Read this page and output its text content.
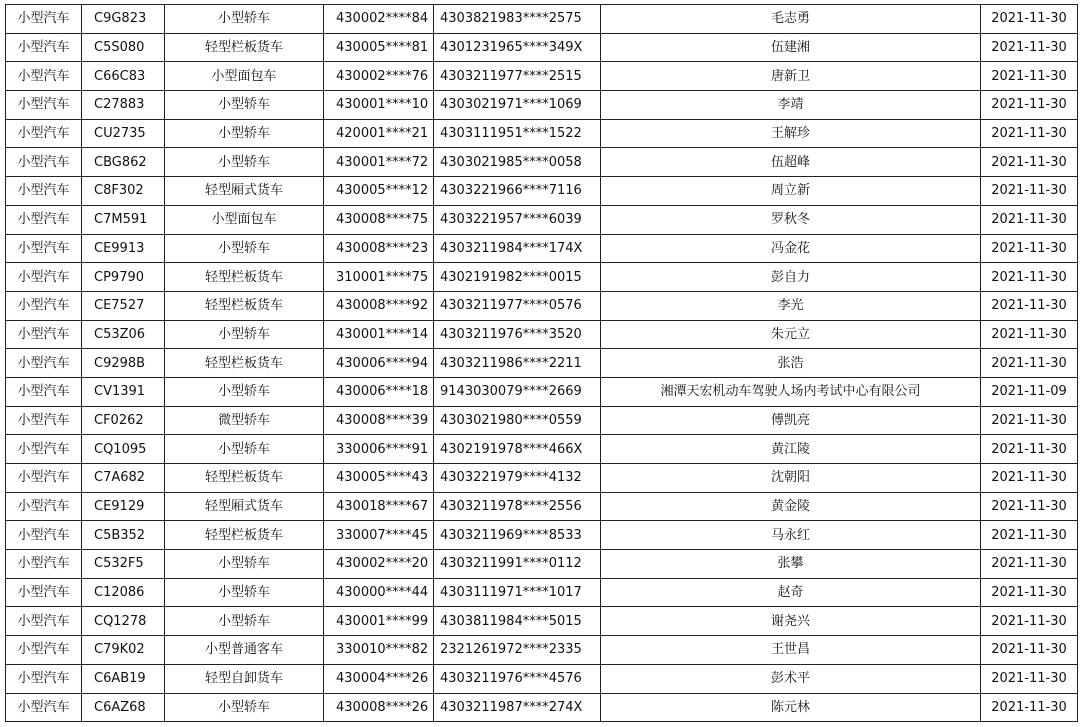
小型汽车	C9G823	小型轿车	430002****84	4303821983****2575	毛志勇	2021-11-30
小型汽车	C5S080	轻型栏板货车	430005****81	4301231965****349X	伍建湘	2021-11-30
小型汽车	C66C83	小型面包车	430002****76	4303211977****2515	唐新卫	2021-11-30
小型汽车	C27883	小型轿车	430001****10	4303021971****1069	李靖	2021-11-30
小型汽车	CU2735	小型轿车	420001****21	4303111951****1522	王解珍	2021-11-30
小型汽车	CBG862	小型轿车	430001****72	4303021985****0058	伍超峰	2021-11-30
小型汽车	C8F302	轻型厢式货车	430005****12	4303221966****7116	周立新	2021-11-30
小型汽车	C7M591	小型面包车	430008****75	4303221957****6039	罗秋冬	2021-11-30
小型汽车	CE9913	小型轿车	430008****23	4303211984****174X	冯金花	2021-11-30
小型汽车	CP9790	轻型栏板货车	310001****75	4302191982****0015	彭自力	2021-11-30
小型汽车	CE7527	轻型栏板货车	430008****92	4303211977****0576	李光	2021-11-30
小型汽车	C53Z06	小型轿车	430001****14	4303211976****3520	朱元立	2021-11-30
小型汽车	C9298B	轻型栏板货车	430006****94	4303211986****2211	张浩	2021-11-30
小型汽车	CV1391	小型轿车	430006****18	9143030079****2669	湘潭天宏机动车驾驶人场内考试中心有限公司	2021-11-09
小型汽车	CF0262	微型轿车	430008****39	4303021980****0559	傅凯亮	2021-11-30
小型汽车	CQ1095	小型轿车	330006****91	4302191978****466X	黄江陵	2021-11-30
小型汽车	C7A682	轻型栏板货车	430005****43	4303221979****4132	沈朝阳	2021-11-30
小型汽车	CE9129	轻型厢式货车	430018****67	4303211978****2556	黄金陵	2021-11-30
小型汽车	C5B352	轻型栏板货车	330007****45	4303211969****8533	马永红	2021-11-30
小型汽车	C532F5	小型轿车	430002****20	4303211991****0112	张攀	2021-11-30
小型汽车	C12086	小型轿车	430000****44	4303111971****1017	赵奇	2021-11-30
小型汽车	CQ1278	小型轿车	430001****99	4303811984****5015	谢尧兴	2021-11-30
小型汽车	C79K02	小型普通客车	330010****82	2321261972****2335	王世昌	2021-11-30
小型汽车	C6AB19	轻型自卸货车	430004****26	4303211976****4576	彭术平	2021-11-30
小型汽车	C6AZ68	小型轿车	430008****26	4303211987****274X	陈元林	2021-11-30
